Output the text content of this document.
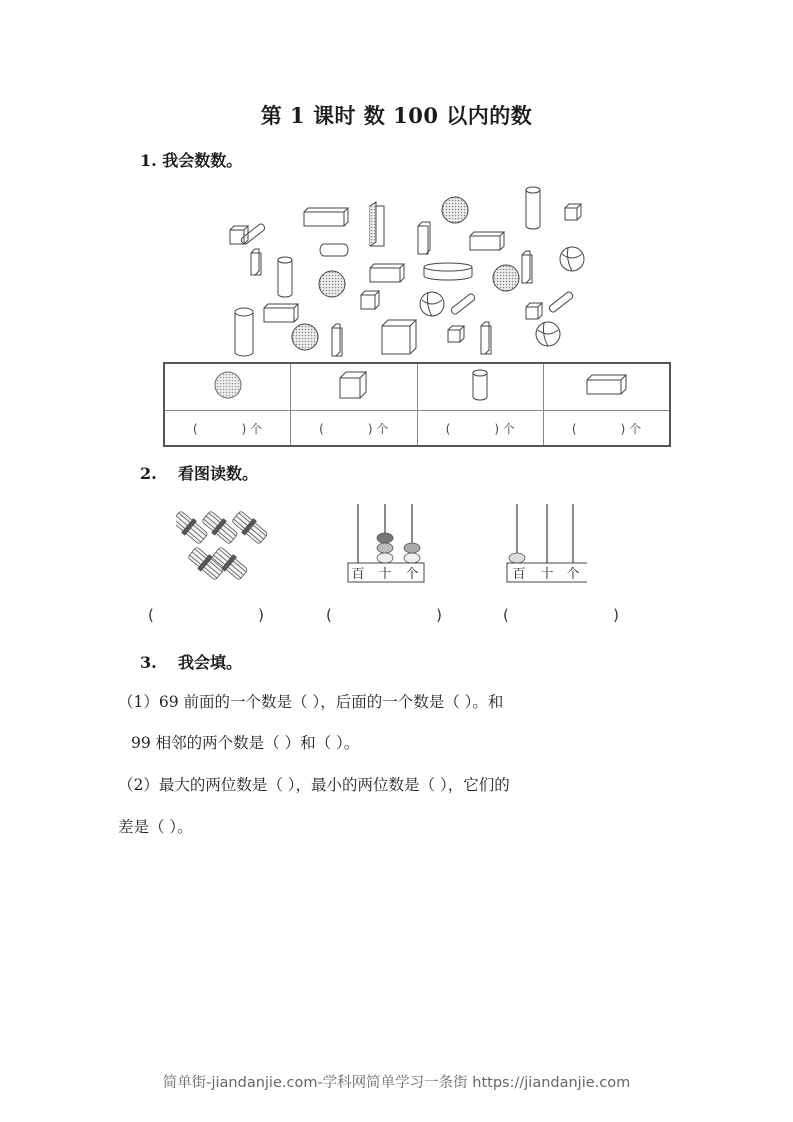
第 1 课时 数 100 以内的数
1. 我会数数。

( ) 个	( ) 个	( ) 个	( ) 个
2. 看图读数。
百 十 个	百 十 个
(	)	(	)	(	)
3. 我会填。
（1）69 前面的一个数是（ ），后面的一个数是（ ）。和
99 相邻的两个数是（ ）和（ ）。
（2）最大的两位数是（ ），最小的两位数是（ ），它们的
差是（ ）。
简单街-jiandanjie.com-学科网简单学习一条街 https://jiandanjie.com
